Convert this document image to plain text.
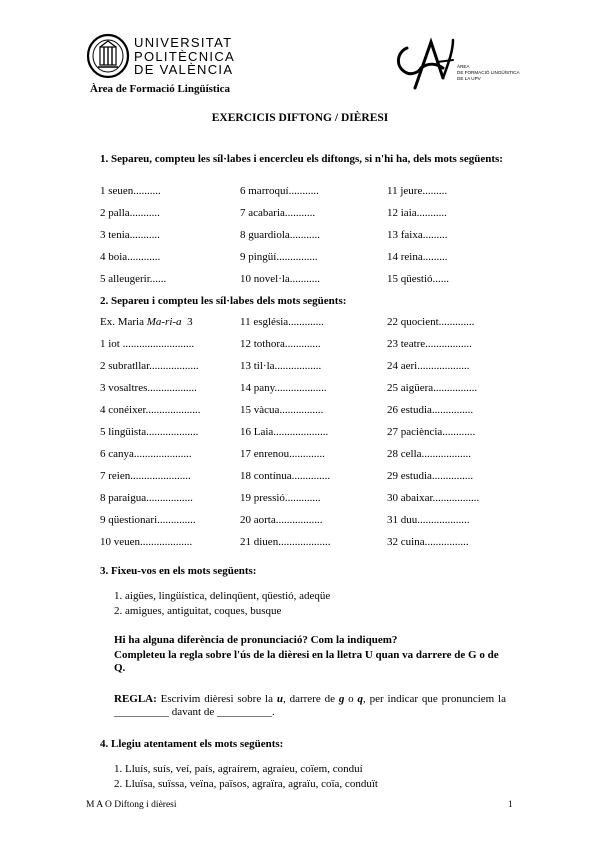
UNIVERSITAT
POLITÈCNICA
DE VALÈNCIA
Àrea de Formació Lingüística
ÀREA
DE FORMACIÓ LINGÜÍSTICA
DE LA UPV
EXERCICIS DIFTONG / DIÈRESI
1. Separeu, compteu les síl·labes i encercleu els diftongs, si n'hi ha, dels mots següents:
1 seuen..........
2 palla...........
3 tenia...........
4 boia............
5 alleugerir......
6 marroquí...........
7 acabaria...........
8 guardiola...........
9 pingüí...............
10 novel·la...........
11 jeure.........
12 iaia...........
13 faixa.........
14 reina.........
15 qüestió......
2. Separeu i compteu les síl·labes dels mots següents:
Ex. Maria Ma-ri-a 3
1 iot ..........................
2 subratllar..................
3 vosaltres..................
4 conéixer....................
5 lingüista...................
6 canya.....................
7 reien......................
8 paraigua.................
9 qüestionari..............
10 veuen...................
11 església.............
12 tothora.............
13 til·la.................
14 pany...................
15 vàcua................
16 Laia....................
17 enrenou.............
18 contínua..............
19 pressió.............
20 aorta.................
21 diuen...................
22 quocient.............
23 teatre.................
24 aeri...................
25 aigüera................
26 estudia...............
27 paciència............
28 cella..................
29 estudia...............
30 abaixar.................
31 duu...................
32 cuina................
3. Fixeu-vos en els mots següents:
1. aigües, lingüística, delinqüent, qüestió, adeqüe
2. amigues, antiguitat, coques, busque
Hi ha alguna diferència de pronunciació? Com la indiquem?
Completeu la regla sobre l'ús de la dièresi en la lletra U quan va darrere de G o de Q.
REGLA: Escrivim dièresi sobre la u, darrere de g o q, per indicar que pronunciem la __________ davant de __________.
4. Llegiu atentament els mots següents:
1. Lluís, suís, veí, país, agraírem, agraíeu, coïem, conduí
2. Lluïsa, suïssa, veïna, països, agraïra, agraïu, coïa, conduït
M A O Diftong i dièresi	1
